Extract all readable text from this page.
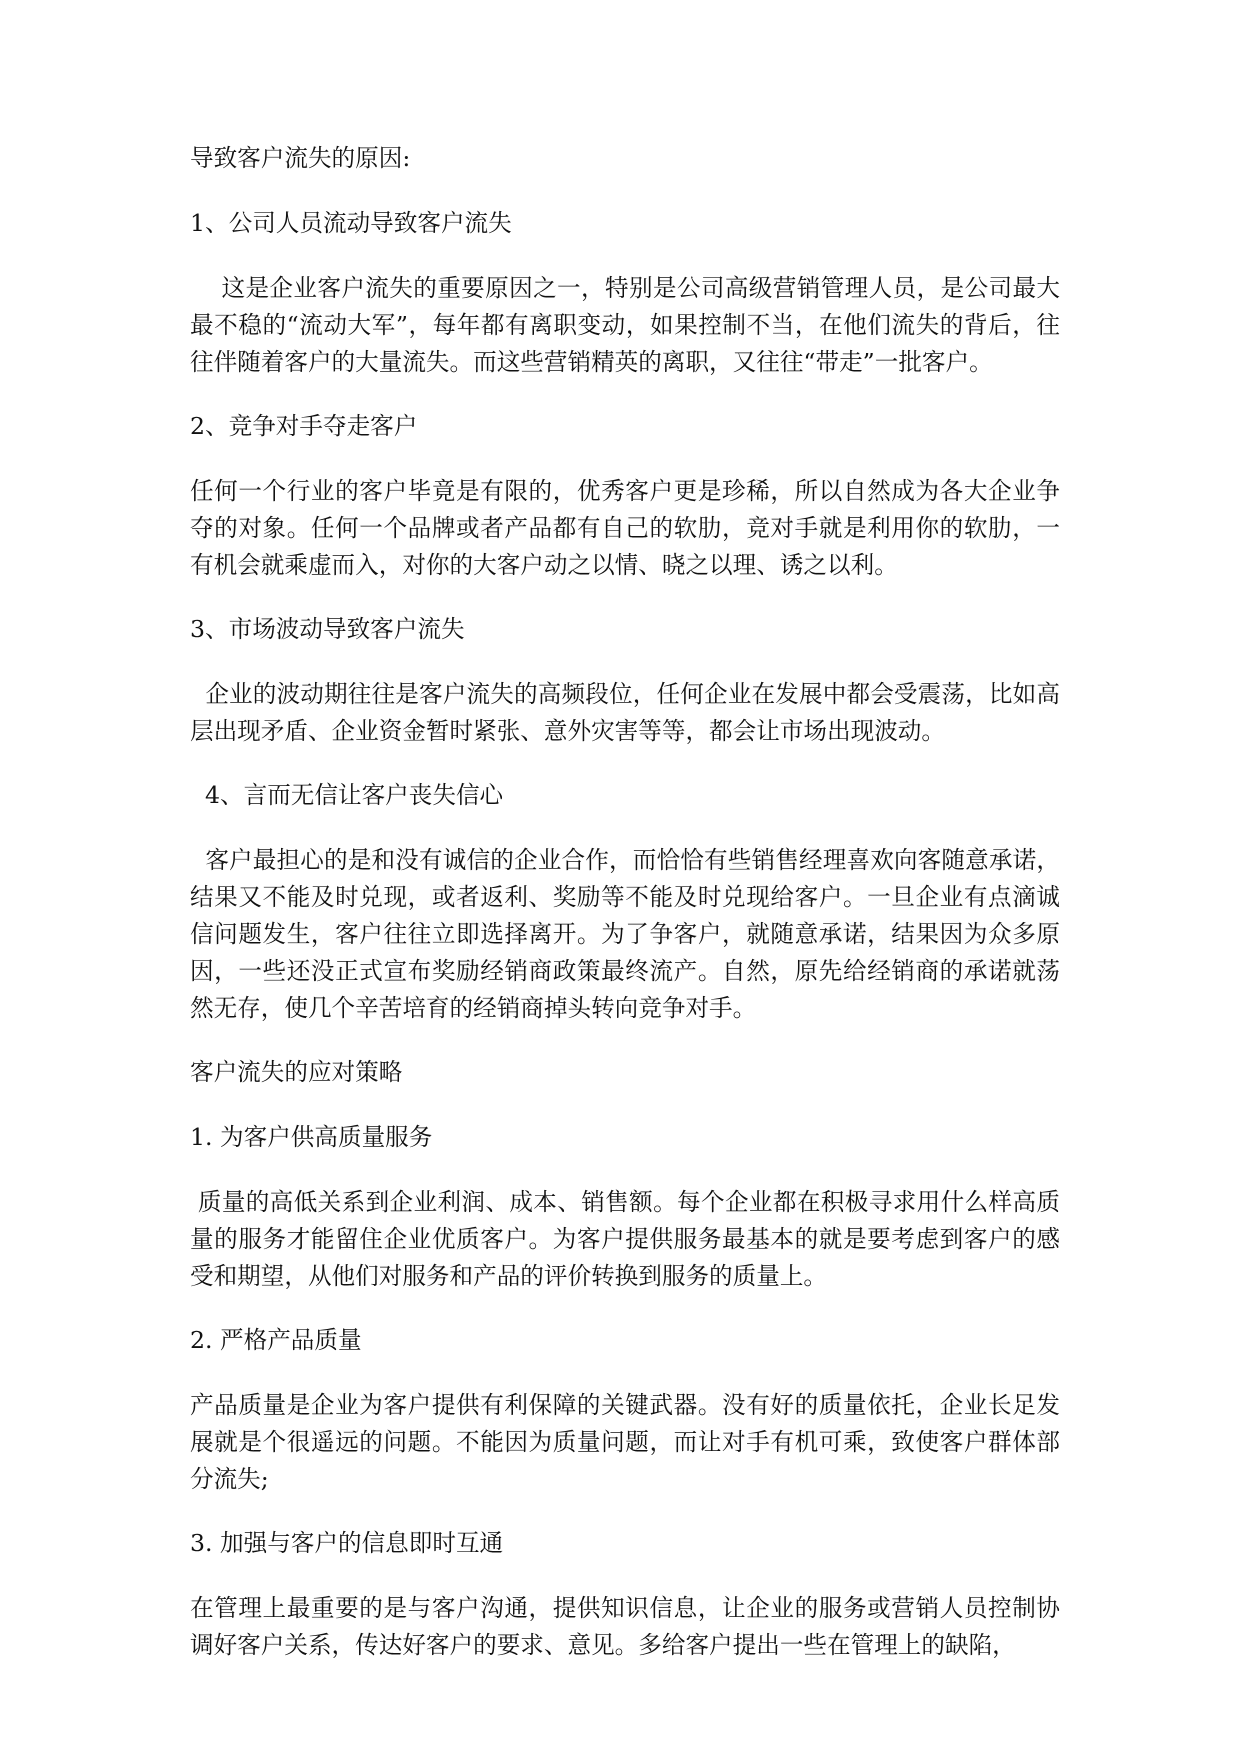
导致客户流失的原因:

1、公司人员流动导致客户流失

这是企业客户流失的重要原因之一，特别是公司高级营销管理人员，是公司最大最不稳的“流动大军”，每年都有离职变动，如果控制不当，在他们流失的背后，往往伴随着客户的大量流失。而这些营销精英的离职，又往往“带走”一批客户。

2、竞争对手夺走客户

任何一个行业的客户毕竟是有限的，优秀客户更是珍稀，所以自然成为各大企业争夺的对象。任何一个品牌或者产品都有自己的软肋，竞对手就是利用你的软肋，一有机会就乘虚而入，对你的大客户动之以情、晓之以理、诱之以利。

3、市场波动导致客户流失

企业的波动期往往是客户流失的高频段位，任何企业在发展中都会受震荡，比如高层出现矛盾、企业资金暂时紧张、意外灾害等等，都会让市场出现波动。

4、言而无信让客户丧失信心

客户最担心的是和没有诚信的企业合作，而恰恰有些销售经理喜欢向客随意承诺，结果又不能及时兑现，或者返利、奖励等不能及时兑现给客户。一旦企业有点滴诚信问题发生，客户往往立即选择离开。为了争客户，就随意承诺，结果因为众多原因，一些还没正式宣布奖励经销商政策最终流产。自然，原先给经销商的承诺就荡然无存，使几个辛苦培育的经销商掉头转向竞争对手。

客户流失的应对策略

1. 为客户供高质量服务

质量的高低关系到企业利润、成本、销售额。每个企业都在积极寻求用什么样高质量的服务才能留住企业优质客户。为客户提供服务最基本的就是要考虑到客户的感受和期望，从他们对服务和产品的评价转换到服务的质量上。

2. 严格产品质量

产品质量是企业为客户提供有利保障的关键武器。没有好的质量依托，企业长足发展就是个很遥远的问题。不能因为质量问题，而让对手有机可乘，致使客户群体部分流失;

3. 加强与客户的信息即时互通

在管理上最重要的是与客户沟通，提供知识信息，让企业的服务或营销人员控制协调好客户关系，传达好客户的要求、意见。多给客户提出一些在管理上的缺陷，
